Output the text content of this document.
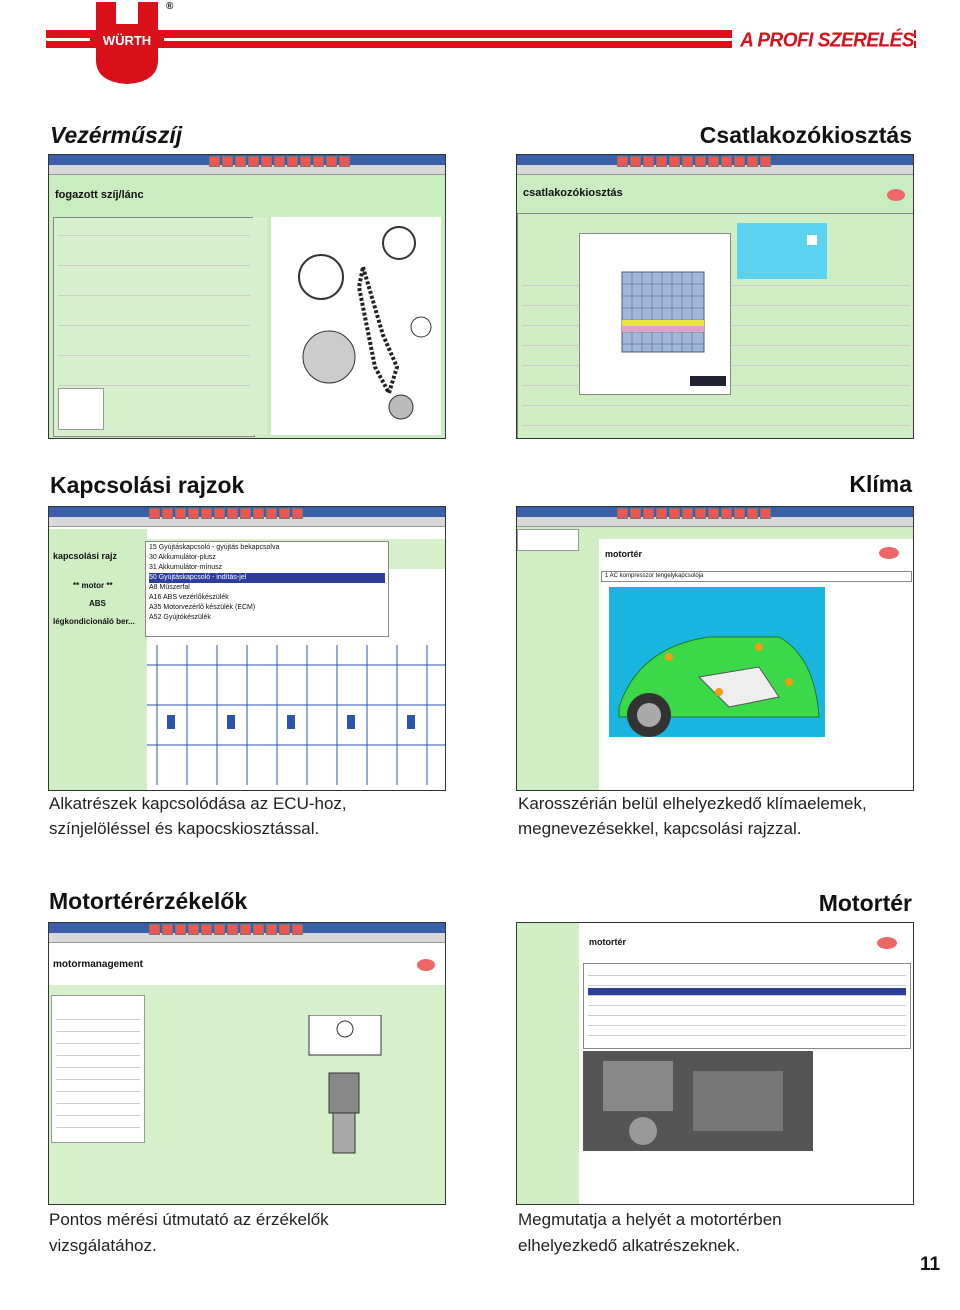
WÜRTH
®
A PROFI SZERELÉS
Vezérműszíj	Csatlakozókiosztás
fogazott szíj/lánc	csatlakozókiosztás
Kapcsolási rajzok	Klíma
kapcsolási rajz
** motor **
ABS
légkondicionáló ber...
15 Gyújtáskapcsoló - gyújtás bekapcsolva
30 Akkumulátor-plusz
31 Akkumulátor-mínusz
50 Gyújtáskapcsoló - indítás-jel
A8 Műszerfal
A16 ABS vezérlőkészülék
A35 Motorvezérlő készülék (ECM)
A52 Gyújtókészülék
Alkatrészek kapcsolódása az ECU-hoz,
színjelöléssel és kapocskiosztással.
motortér
1 AC kompresszor tengelykapcsolója
Karosszérián belül elhelyezkedő klímaelemek,
megnevezésekkel, kapcsolási rajzzal.
Motortérérzékelők	Motortér
motormanagement
Pontos mérési útmutató az érzékelők
vizsgálatához.
motortér
Megmutatja a helyét a motortérben
elhelyezkedő alkatrészeknek.
11
